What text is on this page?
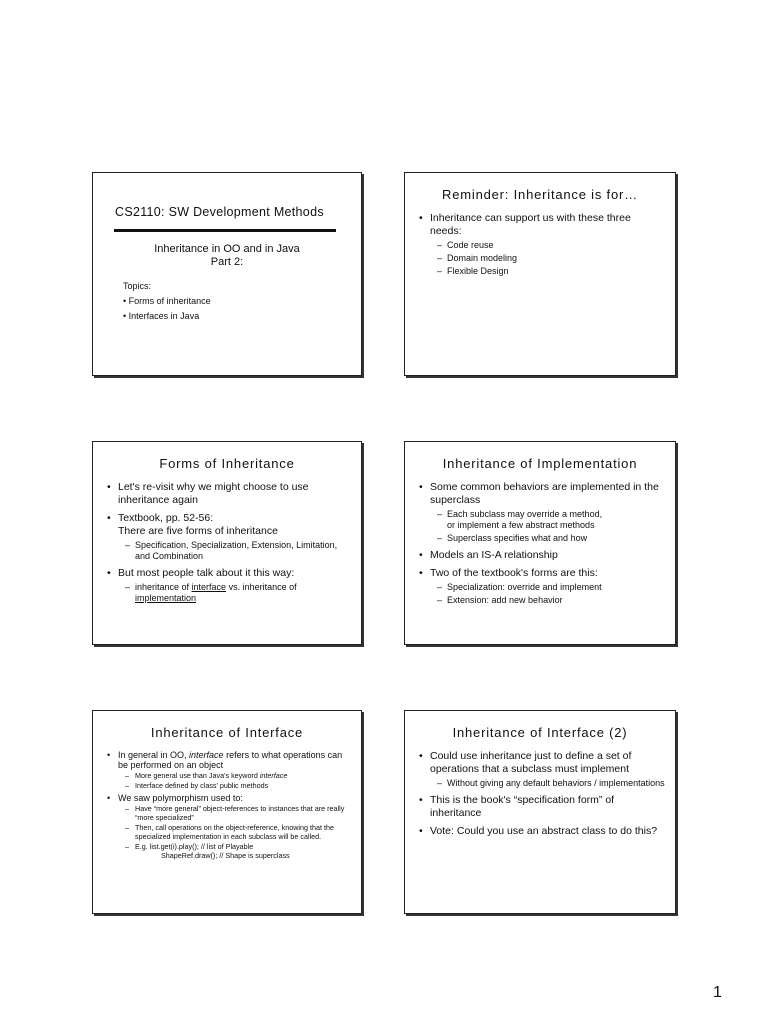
CS2110: SW Development Methods
Inheritance in OO and in Java
Part 2:
Topics:
• Forms of inheritance
• Interfaces in Java
Reminder: Inheritance is for…
• Inheritance can support us with these three needs:
– Code reuse
– Domain modeling
– Flexible Design
Forms of Inheritance
• Let's re-visit why we might choose to use inheritance again
• Textbook, pp. 52-56:
There are five forms of inheritance
– Specification, Specialization, Extension, Limitation, and Combination
• But most people talk about it this way:
– inheritance of interface vs. inheritance of implementation
Inheritance of Implementation
• Some common behaviors are implemented in the superclass
– Each subclass may override a method,
or implement a few abstract methods
– Superclass specifies what and how
• Models an IS-A relationship
• Two of the textbook's forms are this:
– Specialization: override and implement
– Extension: add new behavior
Inheritance of Interface
• In general in OO, interface refers to what operations can be performed on an object
– More general use than Java's keyword interface
– Interface defined by class' public methods
• We saw polymorphism used to:
– Have “more general” object-references to instances that are really “more specialized”
– Then, call operations on the object-reference, knowing that the specialized implementation in each subclass will be called.
– E.g. list.get(i).play(); // list of Playable
ShapeRef.draw(); // Shape is superclass
Inheritance of Interface (2)
• Could use inheritance just to define a set of operations that a subclass must implement
– Without giving any default behaviors / implementations
• This is the book's “specification form” of inheritance
• Vote: Could you use an abstract class to do this?
1
